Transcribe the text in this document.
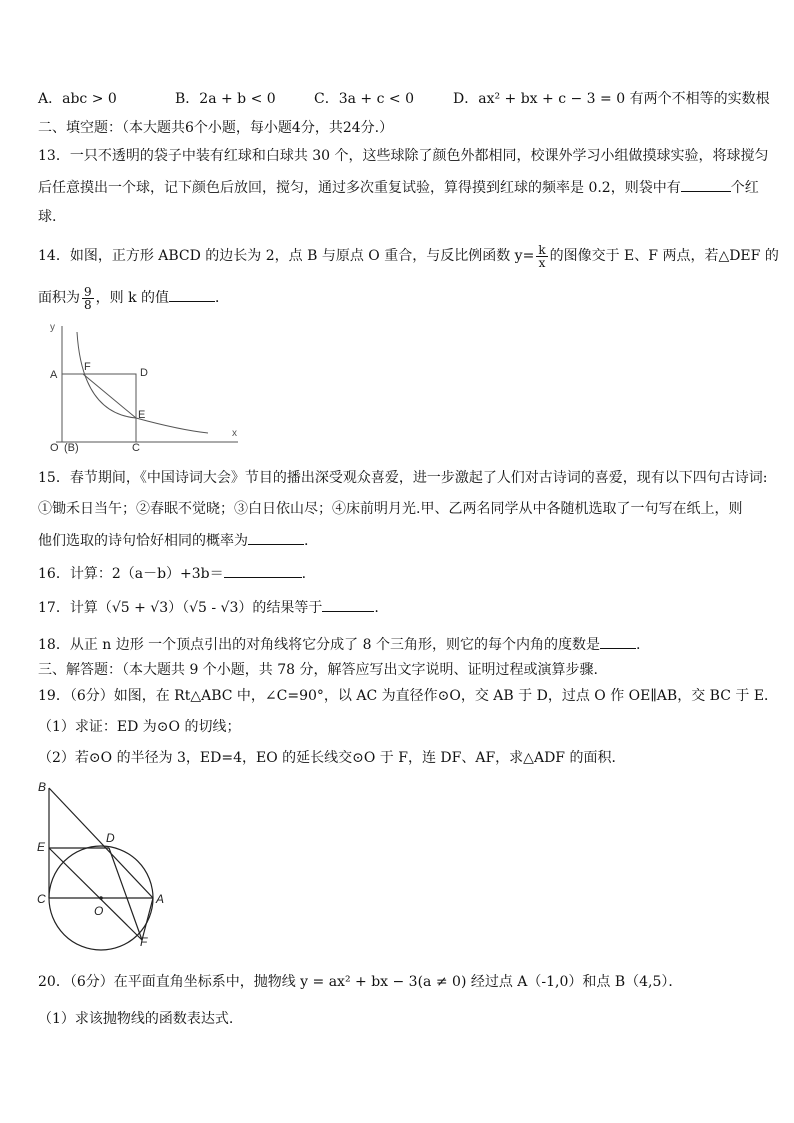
A．abc > 0	B．2a + b < 0	C．3a + c < 0	D．ax² + bx + c − 3 = 0 有两个不相等的实数根
二、填空题：（本大题共6个小题，每小题4分，共24分.）
13．一只不透明的袋子中装有红球和白球共 30 个，这些球除了颜色外都相同，校课外学习小组做摸球实验，将球搅匀
后任意摸出一个球，记下颜色后放回，搅匀，通过多次重复试验，算得摸到红球的频率是 0.2，则袋中有	个红
球.
14．如图，正方形 ABCD 的边长为 2，点 B 与原点 O 重合，与反比例函数 $y= \frac{k}{x}$ 的图像交于 E、F 两点，若△DEF 的
面积为 $\frac{9}{8}$ ，则 k 的值	．
y
x
A
F	D
E
O (B)	C
15．春节期间，《中国诗词大会》节目的播出深受观众喜爱，进一步激起了人们对古诗词的喜爱，现有以下四句古诗词:
①锄禾日当午；②春眠不觉晓；③白日依山尽；④床前明月光.甲、乙两名同学从中各随机选取了一句写在纸上，则
他们选取的诗句恰好相同的概率为	.
16．计算：2（a－b）+3b＝	.
17．计算（√5 + √3）（√5 - √3）的结果等于	.
18．从正 n 边形 一个顶点引出的对角线将它分成了 8 个三角形，则它的每个内角的度数是	.
三、解答题：（本大题共 9 个小题，共 78 分，解答应写出文字说明、证明过程或演算步骤.
19．（6分）如图，在 Rt△ABC 中，∠C=90°，以 AC 为直径作⊙O，交 AB 于 D，过点 O 作 OE∥AB，交 BC 于 E．
（1）求证：ED 为⊙O 的切线；
（2）若⊙O 的半径为 3，ED=4，EO 的延长线交⊙O 于 F，连 DF、AF，求△ADF 的面积．
B
E
D
C
O
A
F
20．（6分）在平面直角坐标系中，抛物线 y = ax² + bx − 3(a ≠ 0) 经过点 A（-1,0）和点 B（4,5）．
（1）求该抛物线的函数表达式.
